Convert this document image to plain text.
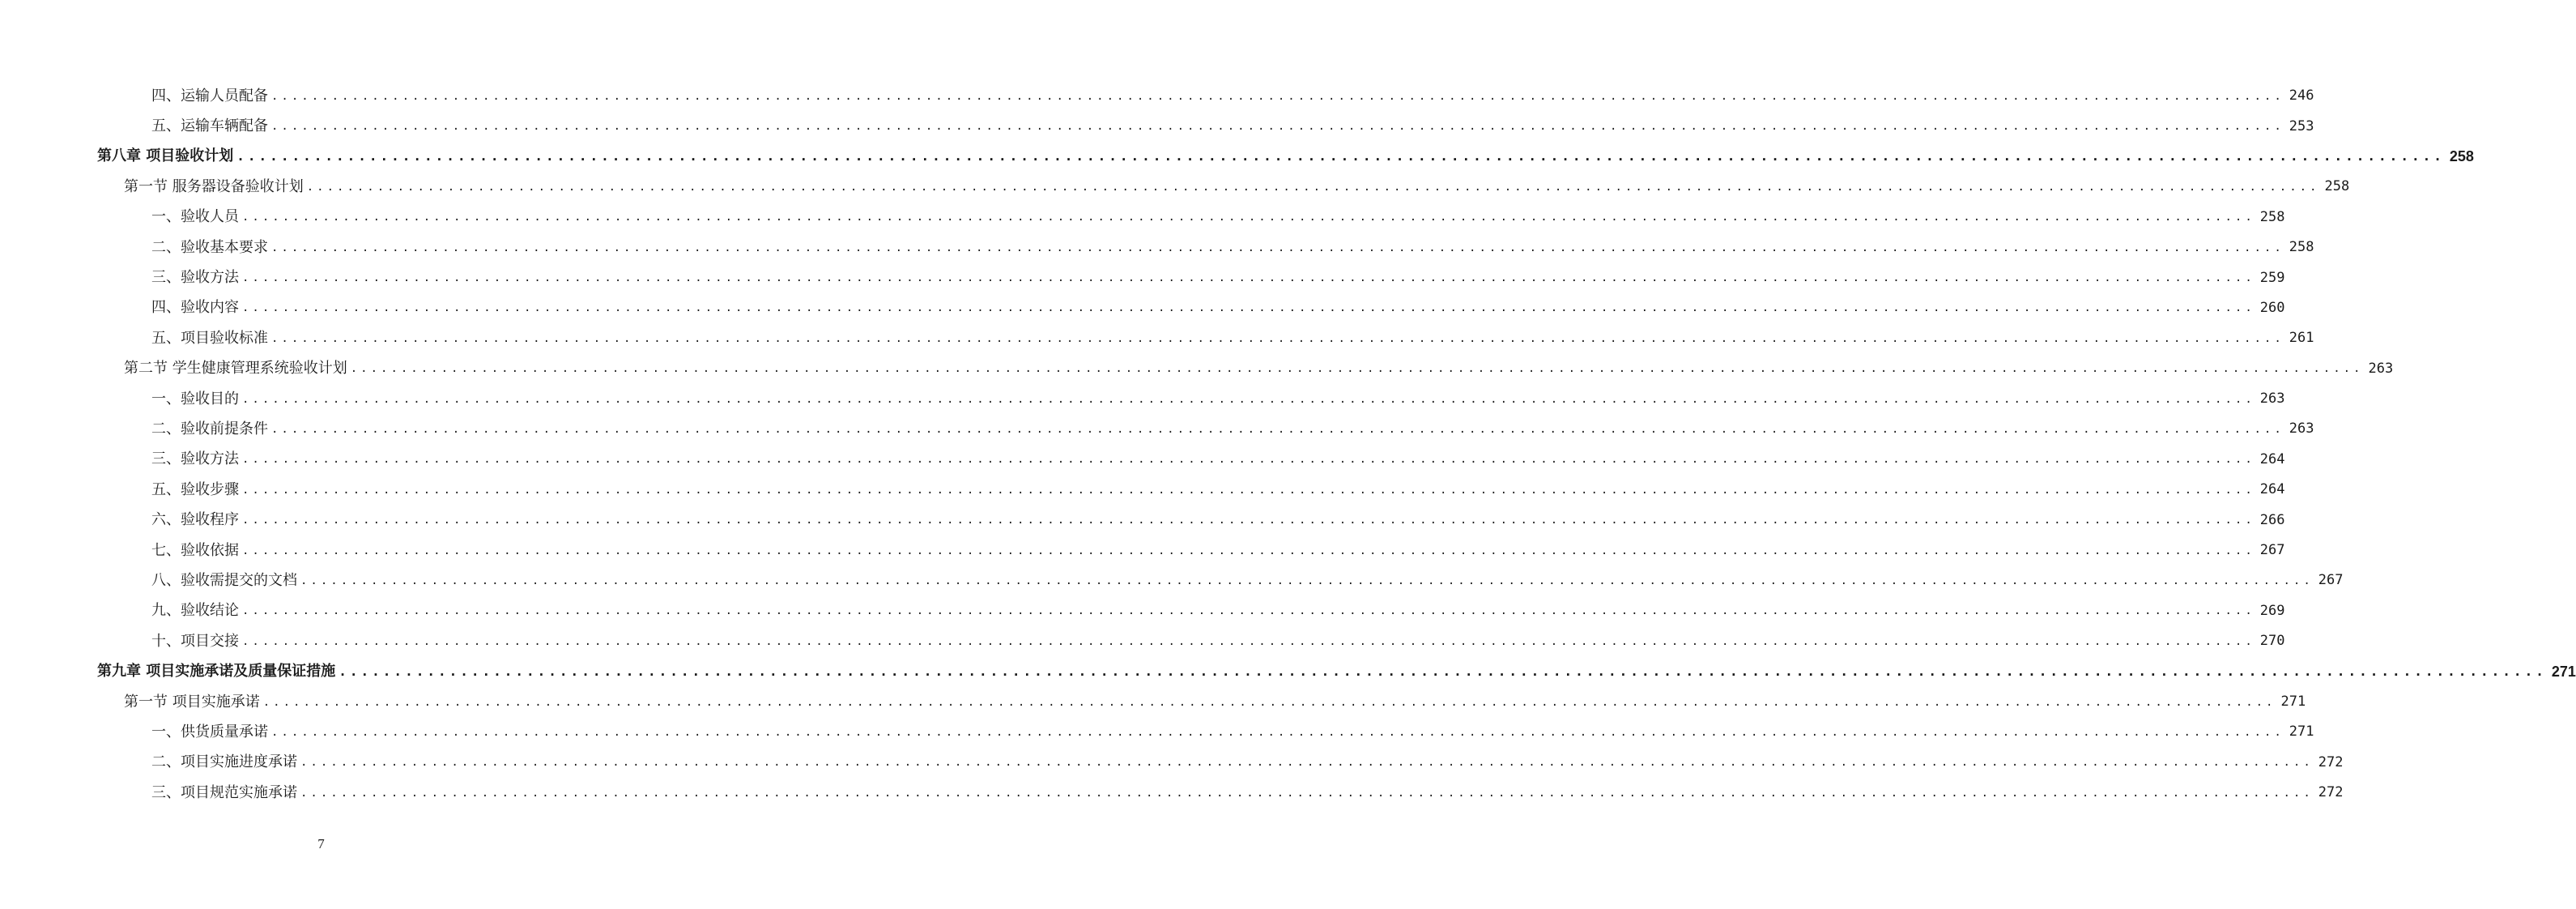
四、运输人员配备 ........................................................................................................................................................................................................ 246
五、运输车辆配备 ........................................................................................................................................................................................................ 253
第八章 项目验收计划 ........................................................................................................................................................................................................ 258
第一节 服务器设备验收计划 ........................................................................................................................................................................................................ 258
一、验收人员 ........................................................................................................................................................................................................ 258
二、验收基本要求 ........................................................................................................................................................................................................ 258
三、验收方法 ........................................................................................................................................................................................................ 259
四、验收内容 ........................................................................................................................................................................................................ 260
五、项目验收标准 ........................................................................................................................................................................................................ 261
第二节 学生健康管理系统验收计划 ........................................................................................................................................................................................................ 263
一、验收目的 ........................................................................................................................................................................................................ 263
二、验收前提条件 ........................................................................................................................................................................................................ 263
三、验收方法 ........................................................................................................................................................................................................ 264
五、验收步骤 ........................................................................................................................................................................................................ 264
六、验收程序 ........................................................................................................................................................................................................ 266
七、验收依据 ........................................................................................................................................................................................................ 267
八、验收需提交的文档 ........................................................................................................................................................................................................ 267
九、验收结论 ........................................................................................................................................................................................................ 269
十、项目交接 ........................................................................................................................................................................................................ 270
第九章 项目实施承诺及质量保证措施 ........................................................................................................................................................................................................ 271
第一节 项目实施承诺 ........................................................................................................................................................................................................ 271
一、供货质量承诺 ........................................................................................................................................................................................................ 271
二、项目实施进度承诺 ........................................................................................................................................................................................................ 272
三、项目规范实施承诺 ........................................................................................................................................................................................................ 272
7
